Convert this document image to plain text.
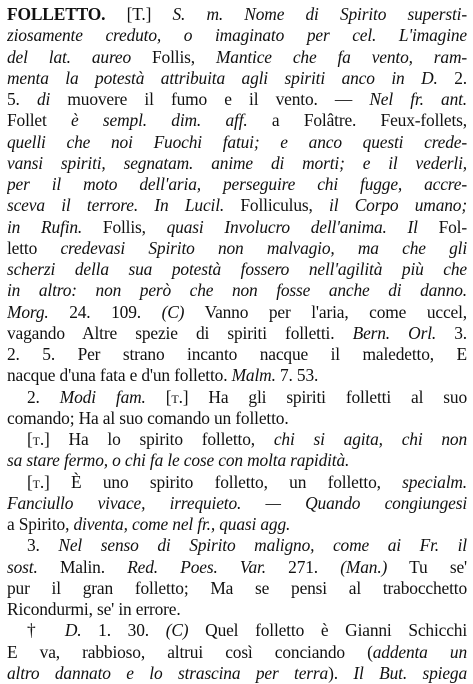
FOLLETTO. [T.] S. m. Nome di Spirito supersti-
ziosamente creduto, o imaginato per cel. L'imagine
del lat. aureo Follis, Mantice che fa vento, ram-
menta la potestà attribuita agli spiriti anco in D. 2.
5. di muovere il fumo e il vento. — Nel fr. ant.
Follet è sempl. dim. aff. a Folâtre. Feux-follets,
quelli che noi Fuochi fatui; e anco questi crede-
vansi spiriti, segnatam. anime di morti; e il vederli,
per il moto dell'aria, perseguire chi fugge, accre-
sceva il terrore. In Lucil. Folliculus, il Corpo umano;
in Rufin. Follis, quasi Involucro dell'anima. Il Fol-
letto credevasi Spirito non malvagio, ma che gli
scherzi della sua potestà fossero nell'agilità più che
in altro: non però che non fosse anche di danno.
Morg. 24. 109. (C) Vanno per l'aria, come uccel,
vagando Altre spezie di spiriti folletti. Bern. Orl. 3.
2. 5. Per strano incanto nacque il maledetto, E
nacque d'una fata e d'un folletto. Malm. 7. 53.
2. Modi fam. [t.] Ha gli spiriti folletti al suo
comando; Ha al suo comando un folletto.
[t.] Ha lo spirito folletto, chi si agita, chi non
sa stare fermo, o chi fa le cose con molta rapidità.
[t.] È uno spirito folletto, un folletto, specialm.
Fanciullo vivace, irrequieto. — Quando congiungesi
a Spirito, diventa, come nel fr., quasi agg.
3. Nel senso di Spirito maligno, come ai Fr. il
sost. Malin. Red. Poes. Var. 271. (Man.) Tu se'
pur il gran folletto; Ma se pensi al trabocchetto
Ricondurmi, se' in errore.
† D. 1. 30. (C) Quel folletto è Gianni Schicchi
E va, rabbioso, altrui così conciando (addenta un
altro dannato e lo strascina per terra). Il But. spiega
